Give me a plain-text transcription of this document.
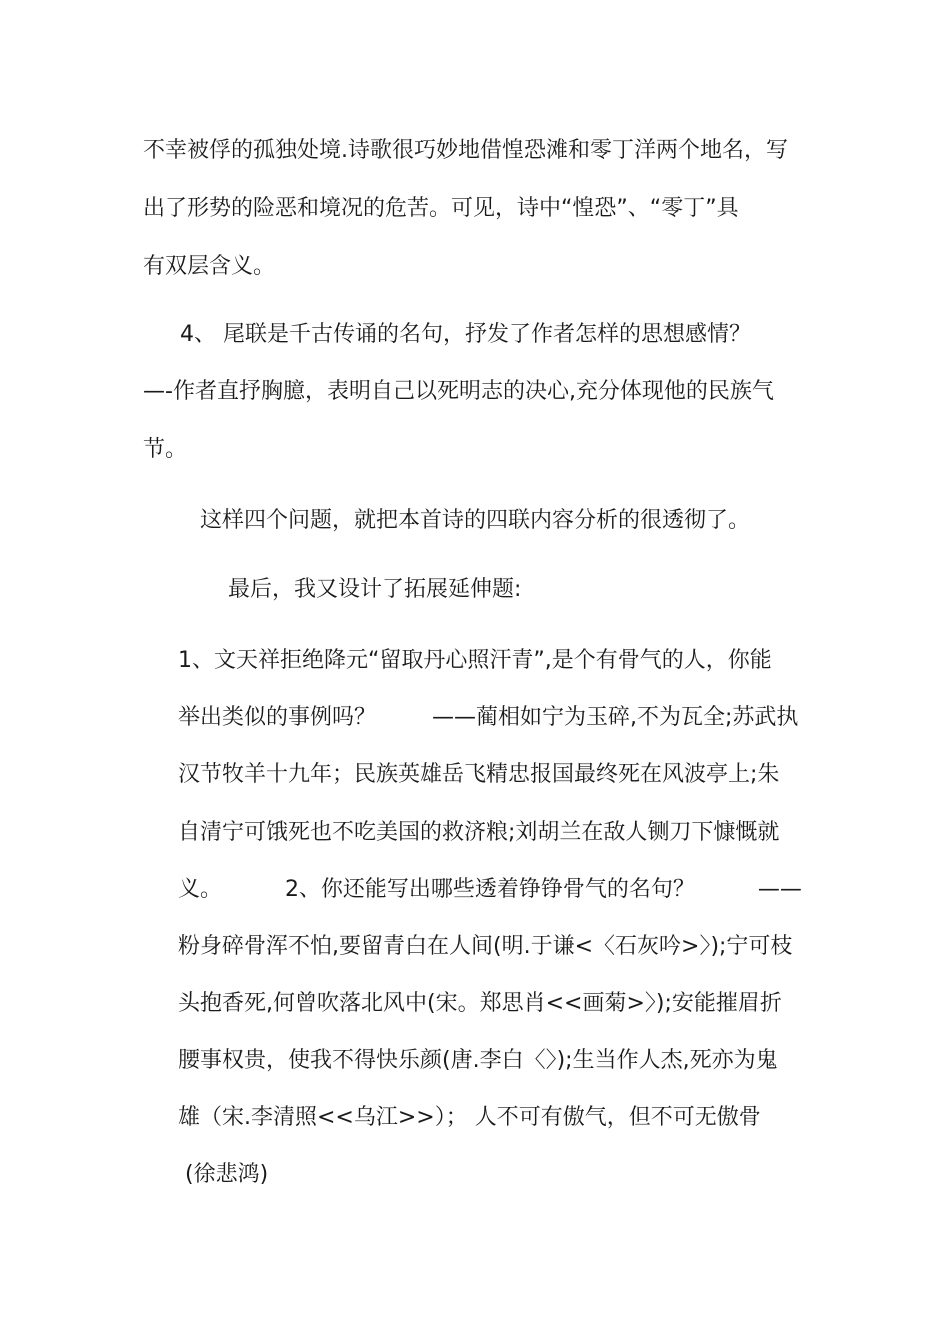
不幸被俘的孤独处境.诗歌很巧妙地借惶恐滩和零丁洋两个地名，写
出了形势的险恶和境况的危苦。可见，诗中“惶恐”、“零丁”具
有双层含义。
4、 尾联是千古传诵的名句，抒发了作者怎样的思想感情？
—-作者直抒胸臆，表明自己以死明志的决心,充分体现他的民族气
节。
这样四个问题，就把本首诗的四联内容分析的很透彻了。
最后，我又设计了拓展延伸题:
1、文天祥拒绝降元“留取丹心照汗青”,是个有骨气的人，你能
举出类似的事例吗？        ——蔺相如宁为玉碎,不为瓦全;苏武执
汉节牧羊十九年；民族英雄岳飞精忠报国最终死在风波亭上;朱
自清宁可饿死也不吃美国的救济粮;刘胡兰在敌人铡刀下慷慨就
义。         2、你还能写出哪些透着铮铮骨气的名句？         ——
粉身碎骨浑不怕,要留青白在人间(明.于谦<〈石灰吟>〉);宁可枝
头抱香死,何曾吹落北风中(宋。郑思肖<<画菊>〉);安能摧眉折
腰事权贵，使我不得快乐颜(唐.李白〈〉);生当作人杰,死亦为鬼
雄（宋.李清照<<乌江>>）； 人不可有傲气，但不可无傲骨
(徐悲鸿)
